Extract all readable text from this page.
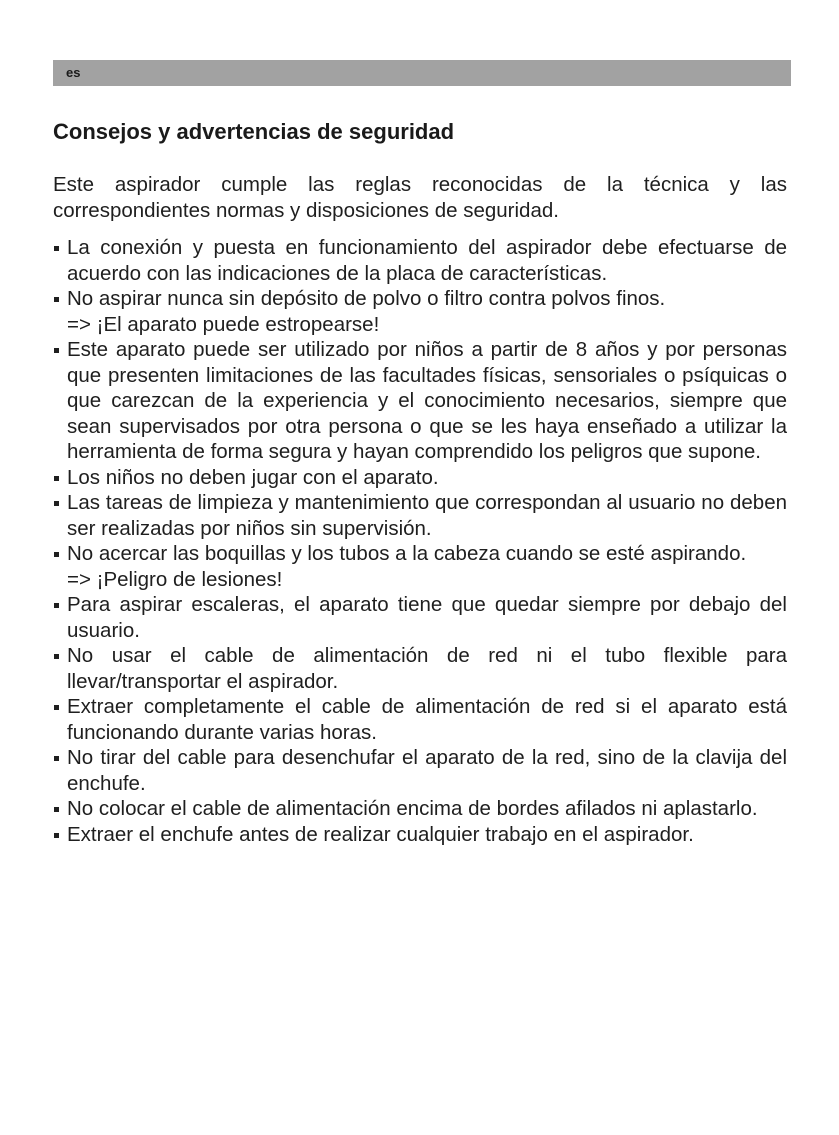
es
Consejos y advertencias de seguridad

Este aspirador cumple las reglas reconocidas de la técnica y las correspondientes normas y disposiciones de seguridad.

La conexión y puesta en funcionamiento del aspirador debe efectuarse de acuerdo con las indicaciones de la placa de características.
No aspirar nunca sin depósito de polvo o filtro contra polvos finos.
=> ¡El aparato puede estropearse!
Este aparato puede ser utilizado por niños a partir de 8 años y por personas que presenten limitaciones de las facultades físicas, sensoriales o psíquicas o que carezcan de la experiencia y el conocimiento necesarios, siempre que sean supervisados por otra persona o que se les haya enseñado a utilizar la herramienta de forma segura y hayan comprendido los peligros que supone.
Los niños no deben jugar con el aparato.
Las tareas de limpieza y mantenimiento que correspondan al usuario no deben ser realizadas por niños sin supervisión.
No acercar las boquillas y los tubos a la cabeza cuando se esté aspirando.
=> ¡Peligro de lesiones!
Para aspirar escaleras, el aparato tiene que quedar siempre por debajo del usuario.
No usar el cable de alimentación de red ni el tubo flexible para llevar/transportar el aspirador.
Extraer completamente el cable de alimentación de red si el aparato está funcionando durante varias horas.
No tirar del cable para desenchufar el aparato de la red, sino de la clavija del enchufe.
No colocar el cable de alimentación encima de bordes afilados ni aplastarlo.
Extraer el enchufe antes de realizar cualquier trabajo en el aspirador.
